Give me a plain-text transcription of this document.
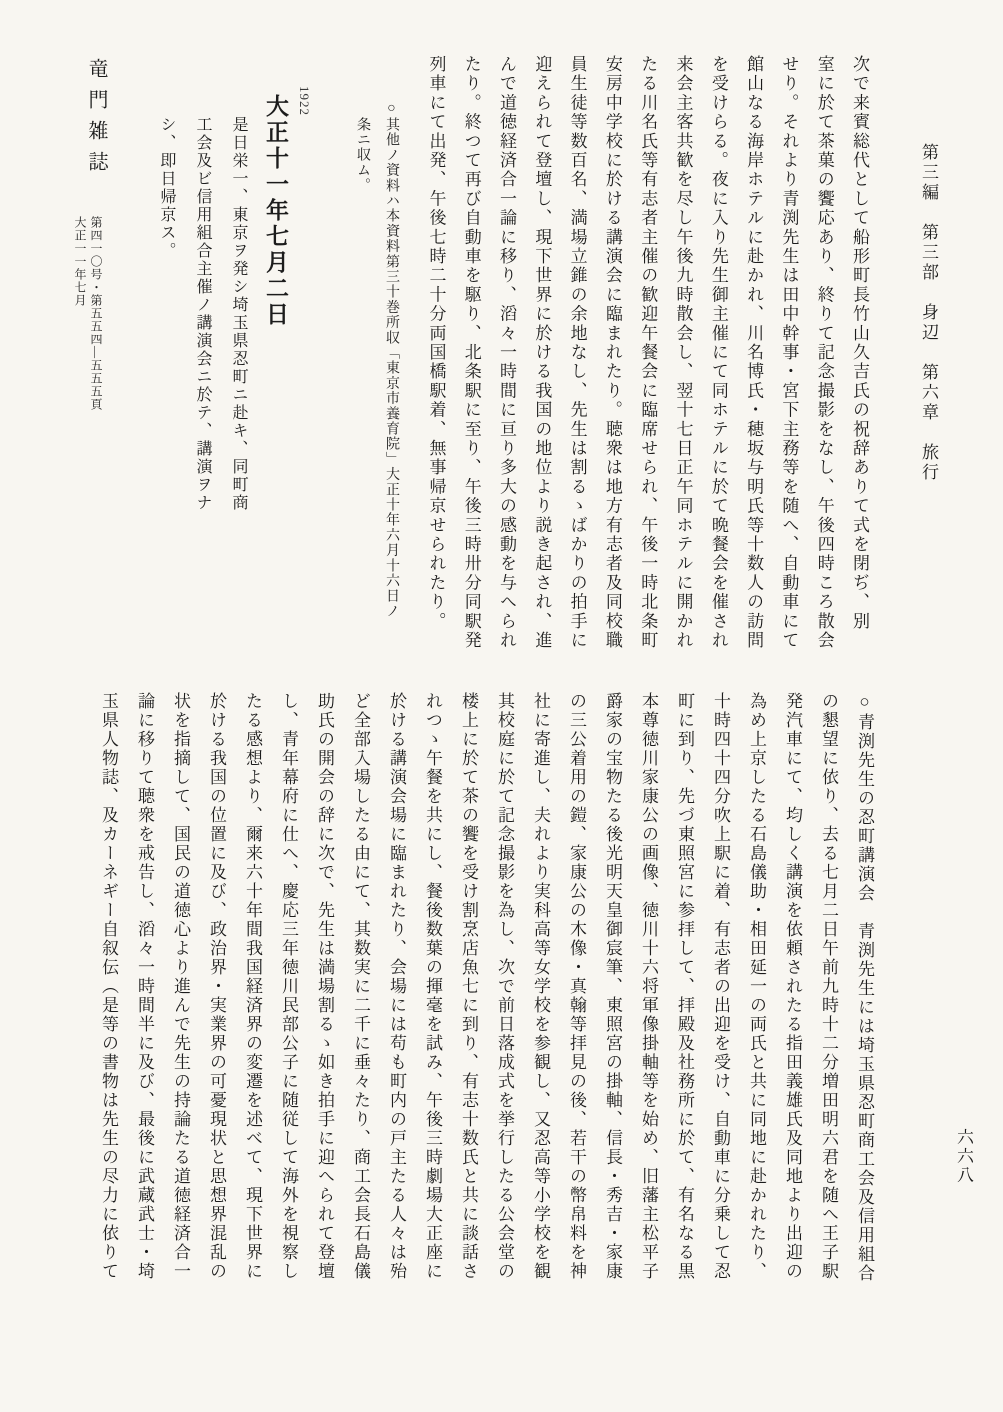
第三編　第三部　身辺　第六章　旅行
六六八
次で来賓総代として船形町長竹山久吉氏の祝辞ありて式を閉ぢ、別
室に於て茶菓の饗応あり、終りて記念撮影をなし、午後四時ころ散会
せり。それより青渕先生は田中幹事・宮下主務等を随へ、自動車にて
館山なる海岸ホテルに赴かれ、川名博氏・穂坂与明氏等十数人の訪問
を受けらる。夜に入り先生御主催にて同ホテルに於て晩餐会を催され
来会主客共歓を尽し午後九時散会し、翌十七日正午同ホテルに開かれ
たる川名氏等有志者主催の歓迎午餐会に臨席せられ、午後一時北条町
安房中学校に於ける講演会に臨まれたり。聴衆は地方有志者及同校職
員生徒等数百名、満場立錐の余地なし、先生は割るゝばかりの拍手に
迎えられて登壇し、現下世界に於ける我国の地位より説き起され、進
んで道徳経済合一論に移り、滔々一時間に亘り多大の感動を与へられ
たり。終つて再び自動車を駆り、北条駅に至り、午後三時卅分同駅発
列車にて出発、午後七時二十分両国橋駅着、無事帰京せられたり。
○其他ノ資料ハ本資料第三十巻所収「東京市養育院」大正十年六月十六日ノ
条ニ収ム。
1922
大正十一年七月二日
是日栄一、東京ヲ発シ埼玉県忍町ニ赴キ、同町商
工会及ビ信用組合主催ノ講演会ニ於テ、講演ヲナ
シ、即日帰京ス。
竜門雑誌
第四一〇号・第五五四—五五五頁
大正一一年七月
○青渕先生の忍町講演会　青渕先生には埼玉県忍町商工会及信用組合
の懇望に依り、去る七月二日午前九時十二分増田明六君を随へ王子駅
発汽車にて、均しく講演を依頼されたる指田義雄氏及同地より出迎の
為め上京したる石島儀助・相田延一の両氏と共に同地に赴かれたり、
十時四十四分吹上駅に着、有志者の出迎を受け、自動車に分乗して忍
町に到り、先づ東照宮に参拝して、拝殿及社務所に於て、有名なる黒
本尊徳川家康公の画像、徳川十六将軍像掛軸等を始め、旧藩主松平子
爵家の宝物たる後光明天皇御宸筆、東照宮の掛軸、信長・秀吉・家康
の三公着用の鎧、家康公の木像・真翰等拝見の後、若干の幣帛料を神
社に寄進し、夫れより実科高等女学校を参観し、又忍高等小学校を観
其校庭に於て記念撮影を為し、次で前日落成式を挙行したる公会堂の
楼上に於て茶の饗を受け割烹店魚七に到り、有志十数氏と共に談話さ
れつゝ午餐を共にし、餐後数葉の揮毫を試み、午後三時劇場大正座に
於ける講演会場に臨まれたり、会場には苟も町内の戸主たる人々は殆
ど全部入場したる由にて、其数実に二千に垂々たり、商工会長石島儀
助氏の開会の辞に次で、先生は満場割るゝ如き拍手に迎へられて登壇
し、青年幕府に仕へ、慶応三年徳川民部公子に随従して海外を視察し
たる感想より、爾来六十年間我国経済界の変遷を述べて、現下世界に
於ける我国の位置に及び、政治界・実業界の可憂現状と思想界混乱の
状を指摘して、国民の道徳心より進んで先生の持論たる道徳経済合一
論に移りて聴衆を戒告し、滔々一時間半に及び、最後に武蔵武士・埼
玉県人物誌、及カーネギー自叙伝（是等の書物は先生の尽力に依りて
